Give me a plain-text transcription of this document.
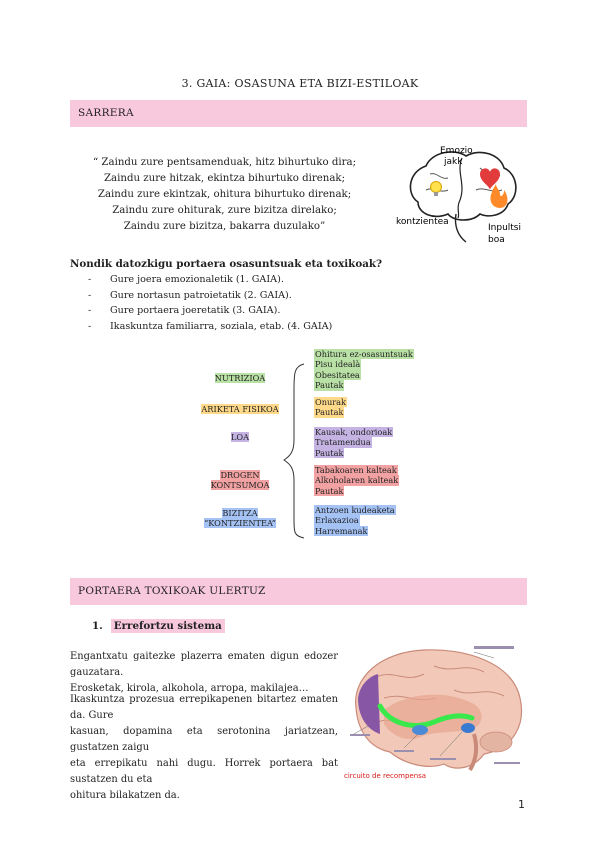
3. GAIA: OSASUNA ETA BIZI-ESTILOAK
SARRERA
“ Zaindu zure pentsamenduak, hitz bihurtuko dira;
Zaindu zure hitzak, ekintza bihurtuko direnak;
Zaindu zure ekintzak, ohitura bihurtuko direnak;
Zaindu zure ohiturak, zure bizitza direlako;
Zaindu zure bizitza, bakarra duzulako”
Emozio
jakk
kontzientea
Inpultsi
boa
Nondik datozkigu portaera osasuntsuak eta toxikoak?
- Gure joera emozionaletik (1. GAIA).
- Gure nortasun patroietatik (2. GAIA).
- Gure portaera joeretatik (3. GAIA).
- Ikaskuntza familiarra, soziala, etab. (4. GAIA)
NUTRIZIOA
ARIKETA FISIKOA
LOA
DROGEN
KONTSUMOA
BIZITZA
“KONTZIENTEA”
Ohitura ez-osasuntsuak
Pisu idealà
Obesitatea
Pautak
Onurak
Pautak
Kausak, ondorioak
Tratamendua
Pautak
Tabakoaren kalteak
Alkoholaren kalteak
Pautak
Antzoen kudeaketa
Erlaxazioa
Harremanak
PORTAERA TOXIKOAK ULERTUZ
1. Errefortzu sistema
Engantxatu gaitezke plazerra ematen digun edozer gauzatara.
Erosketak, kirola, alkohola, arropa, makilajea…
Ikaskuntza prozesua errepikapenen bitartez ematen da. Gure
kasuan, dopamina eta serotonina jariatzean, gustatzen zaigu
eta errepikatu nahi dugu. Horrek portaera bat sustatzen du eta
ohitura bilakatzen da.
circuito de recompensa
1
